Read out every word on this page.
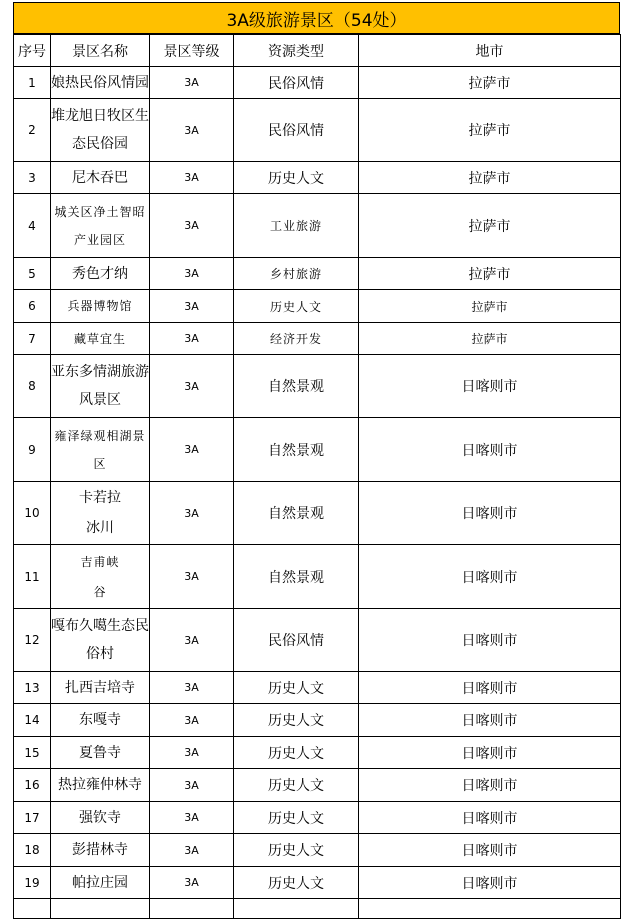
3A级旅游景区（54处）
序号	景区名称	景区等级	资源类型	地市
1	娘热民俗风情园	3A	民俗风情	拉萨市
2	堆龙旭日牧区生态民俗园	3A	民俗风情	拉萨市
3	尼木吞巴	3A	历史人文	拉萨市
4	城关区净土智昭产业园区	3A	工业旅游	拉萨市
5	秀色才纳	3A	乡村旅游	拉萨市
6	兵器博物馆	3A	历史人文	拉萨市
7	藏草宜生	3A	经济开发	拉萨市
8	亚东多情湖旅游风景区	3A	自然景观	日喀则市
9	雍泽绿观相湖景区	3A	自然景观	日喀则市
10	卡若拉冰川	3A	自然景观	日喀则市
11	吉甫峡谷	3A	自然景观	日喀则市
12	嘎布久噶生态民俗村	3A	民俗风情	日喀则市
13	扎西吉培寺	3A	历史人文	日喀则市
14	东嘎寺	3A	历史人文	日喀则市
15	夏鲁寺	3A	历史人文	日喀则市
16	热拉雍仲林寺	3A	历史人文	日喀则市
17	强钦寺	3A	历史人文	日喀则市
18	彭措林寺	3A	历史人文	日喀则市
19	帕拉庄园	3A	历史人文	日喀则市
